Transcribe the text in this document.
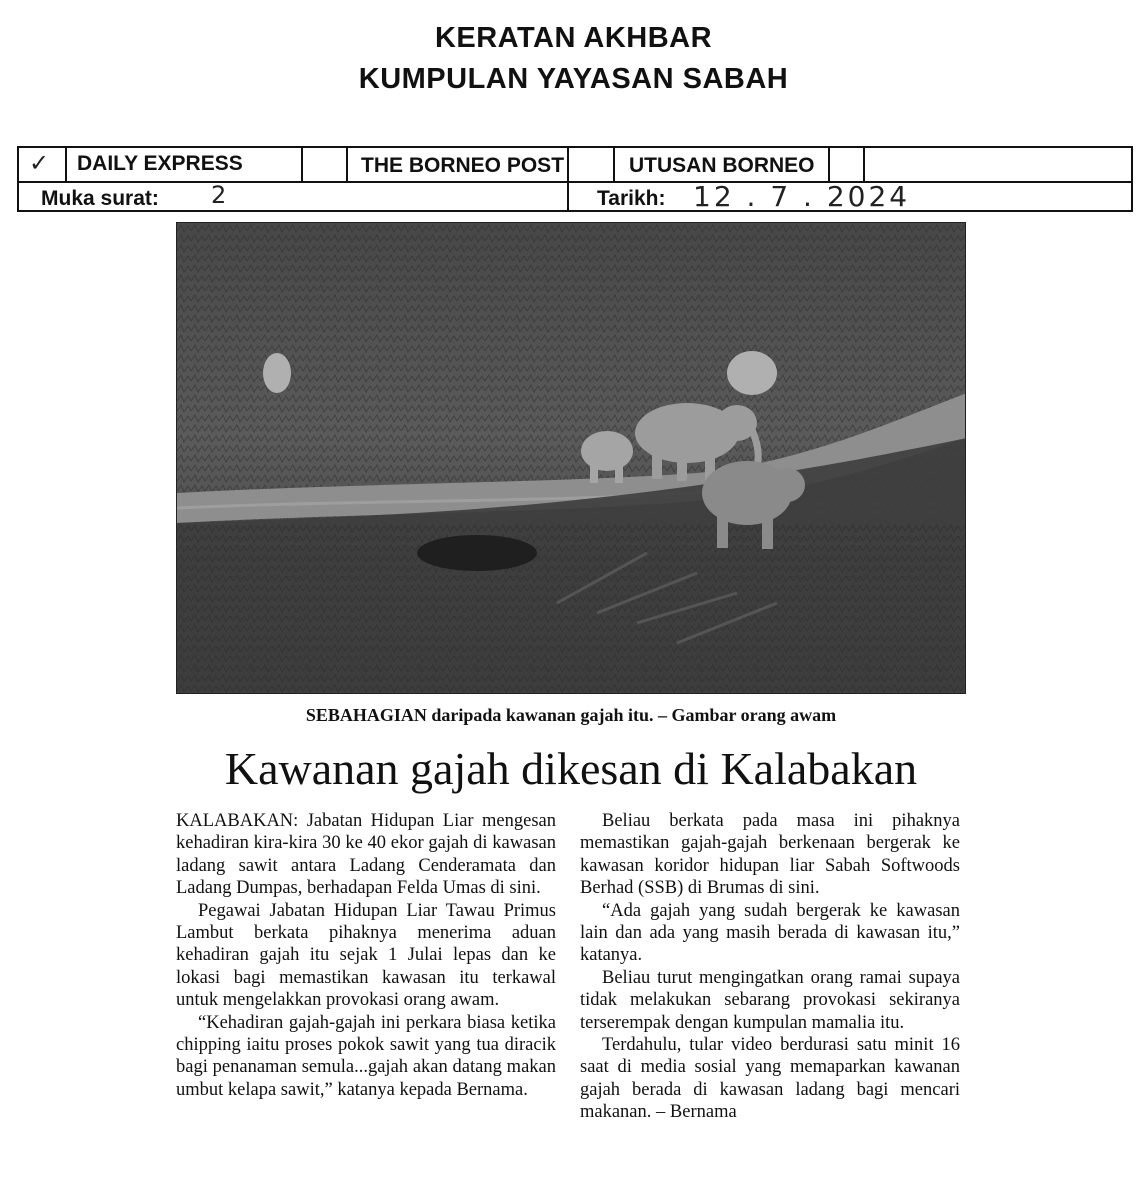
KERATAN AKHBAR
KUMPULAN YAYASAN SABAH
✓ DAILY EXPRESS	THE BORNEO POST	UTUSAN BORNEO
Muka surat: 2	Tarikh: 12 . 7 . 2024
SEBAHAGIAN daripada kawanan gajah itu. – Gambar orang awam
Kawanan gajah dikesan di Kalabakan

KALABAKAN: Jabatan Hidupan Liar mengesan kehadiran kira-kira 30 ke 40 ekor gajah di kawasan ladang sawit antara Ladang Cenderamata dan Ladang Dumpas, berhadapan Felda Umas di sini.

Pegawai Jabatan Hidupan Liar Tawau Primus Lambut berkata pihaknya menerima aduan kehadiran gajah itu sejak 1 Julai lepas dan ke lokasi bagi memastikan kawasan itu terkawal untuk mengelakkan provokasi orang awam.

“Kehadiran gajah-gajah ini perkara biasa ketika chipping iaitu proses pokok sawit yang tua diracik bagi penanaman semula...gajah akan datang makan umbut kelapa sawit,” katanya kepada Bernama.

Beliau berkata pada masa ini pihaknya memastikan gajah-gajah berkenaan bergerak ke kawasan koridor hidupan liar Sabah Softwoods Berhad (SSB) di Brumas di sini.

“Ada gajah yang sudah bergerak ke kawasan lain dan ada yang masih berada di kawasan itu,” katanya.

Beliau turut mengingatkan orang ramai supaya tidak melakukan sebarang provokasi sekiranya terserempak dengan kumpulan mamalia itu.

Terdahulu, tular video berdurasi satu minit 16 saat di media sosial yang memaparkan kawanan gajah berada di kawasan ladang bagi mencari makanan. – Bernama
